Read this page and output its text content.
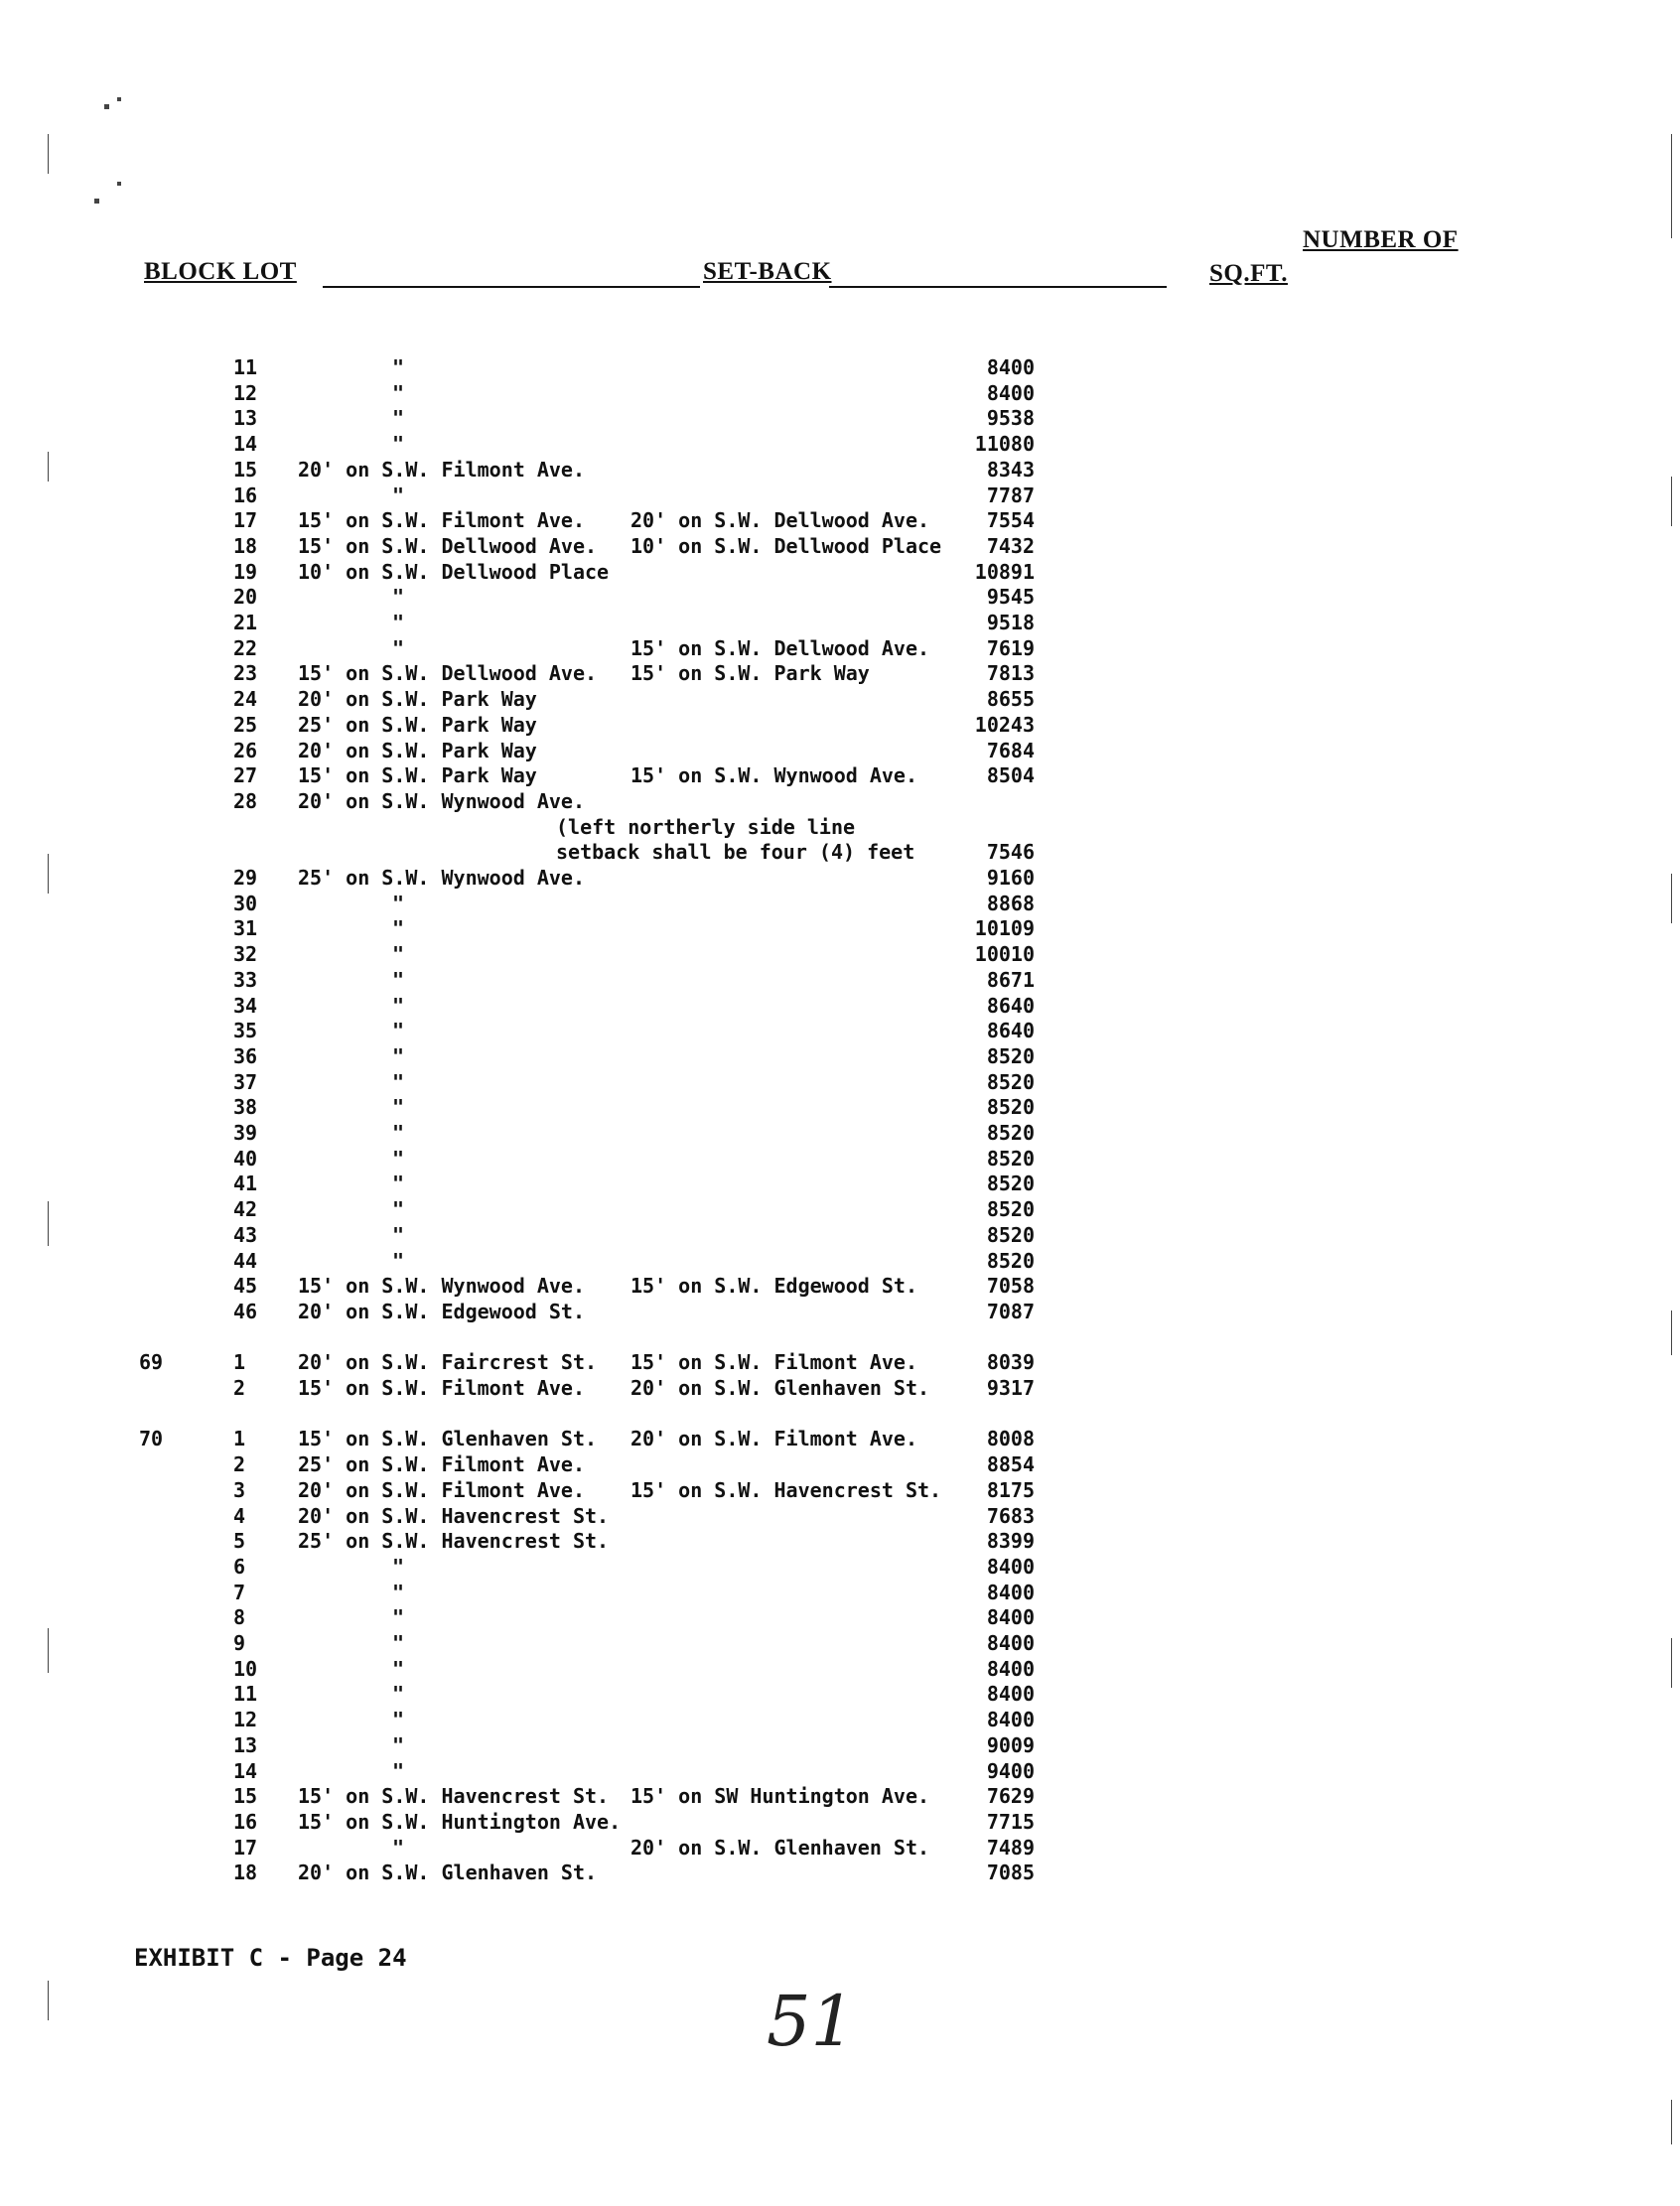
BLOCK LOT	SET-BACK
NUMBER OF
SQ.FT.
11	"	8400
12	"	8400
13	"	9538
14	"	11080
15 20' on S.W. Filmont Ave.	8343
16	"	7787
17 15' on S.W. Filmont Ave. 20' on S.W. Dellwood Ave.	7554
18 15' on S.W. Dellwood Ave. 10' on S.W. Dellwood Place 7432
19 10' on S.W. Dellwood Place	10891
20	"	9545
21	"	9518
22	"	15' on S.W. Dellwood Ave.	7619
23 15' on S.W. Dellwood Ave. 15' on S.W. Park Way	7813
24 20' on S.W. Park Way	8655
25 25' on S.W. Park Way	10243
26 20' on S.W. Park Way	7684
27 15' on S.W. Park Way	15' on S.W. Wynwood Ave.	8504
28 20' on S.W. Wynwood Ave.
(left northerly side line
setback shall be four (4) feet	7546
29 25' on S.W. Wynwood Ave.	9160
30	"	8868
31	"	10109
32	"	10010
33	"	8671
34	"	8640
35	"	8640
36	"	8520
37	"	8520
38	"	8520
39	"	8520
40	"	8520
41	"	8520
42	"	8520
43	"	8520
44	"	8520
45 15' on S.W. Wynwood Ave. 15' on S.W. Edgewood St.	7058
46 20' on S.W. Edgewood St.	7087
69	1	20' on S.W. Faircrest St. 15' on S.W. Filmont Ave.	8039
2	15' on S.W. Filmont Ave. 20' on S.W. Glenhaven St.	9317
70	1	15' on S.W. Glenhaven St. 20' on S.W. Filmont Ave.	8008
2	25' on S.W. Filmont Ave.	8854
3	20' on S.W. Filmont Ave. 15' on S.W. Havencrest St. 8175
4	20' on S.W. Havencrest St.	7683
5	25' on S.W. Havencrest St.	8399
6	"	8400
7	"	8400
8	"	8400
9	"	8400
10	"	8400
11	"	8400
12	"	8400
13	"	9009
14	"	9400
15 15' on S.W. Havencrest St. 15' on SW Huntington Ave.	7629
16 15' on S.W. Huntington Ave.	7715
17	"	20' on S.W. Glenhaven St.	7489
18 20' on S.W. Glenhaven St.	7085
EXHIBIT C - Page 24
51
